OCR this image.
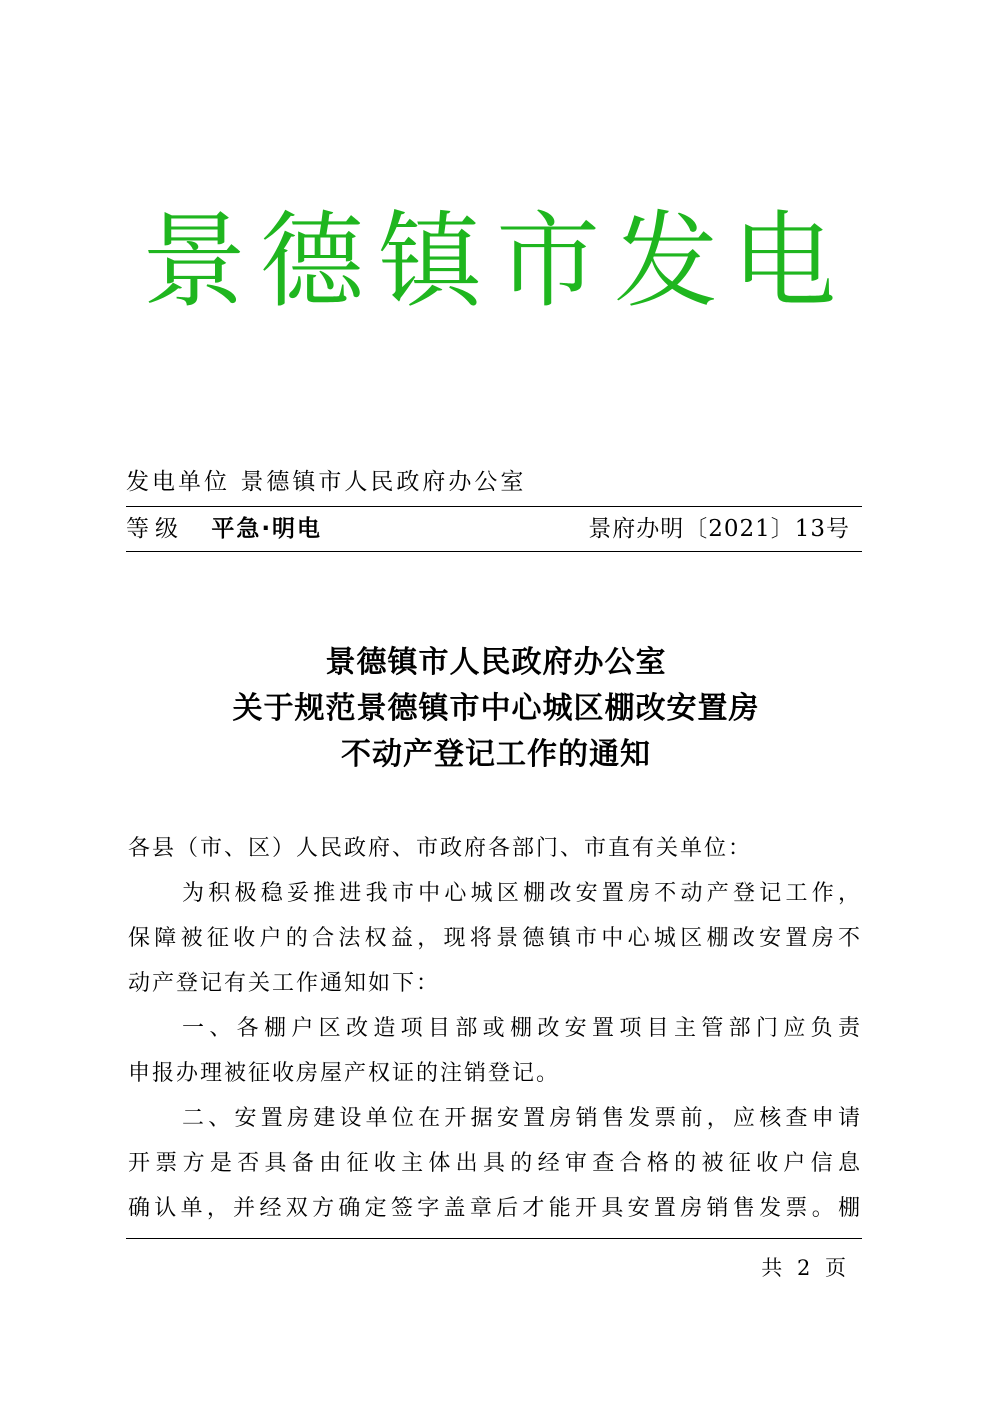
景德镇市发电
发电单位 景德镇市人民政府办公室
等级 平急·明电	景府办明〔2021〕13号
景德镇市人民政府办公室
关于规范景德镇市中心城区棚改安置房
不动产登记工作的通知

各县（市、区）人民政府、市政府各部门、市直有关单位：

为积极稳妥推进我市中心城区棚改安置房不动产登记工作，

保障被征收户的合法权益，现将景德镇市中心城区棚改安置房不

动产登记有关工作通知如下：

一、各棚户区改造项目部或棚改安置项目主管部门应负责

申报办理被征收房屋产权证的注销登记。

二、安置房建设单位在开据安置房销售发票前，应核查申请

开票方是否具备由征收主体出具的经审查合格的被征收户信息

确认单，并经双方确定签字盖章后才能开具安置房销售发票。棚

共 2 页
